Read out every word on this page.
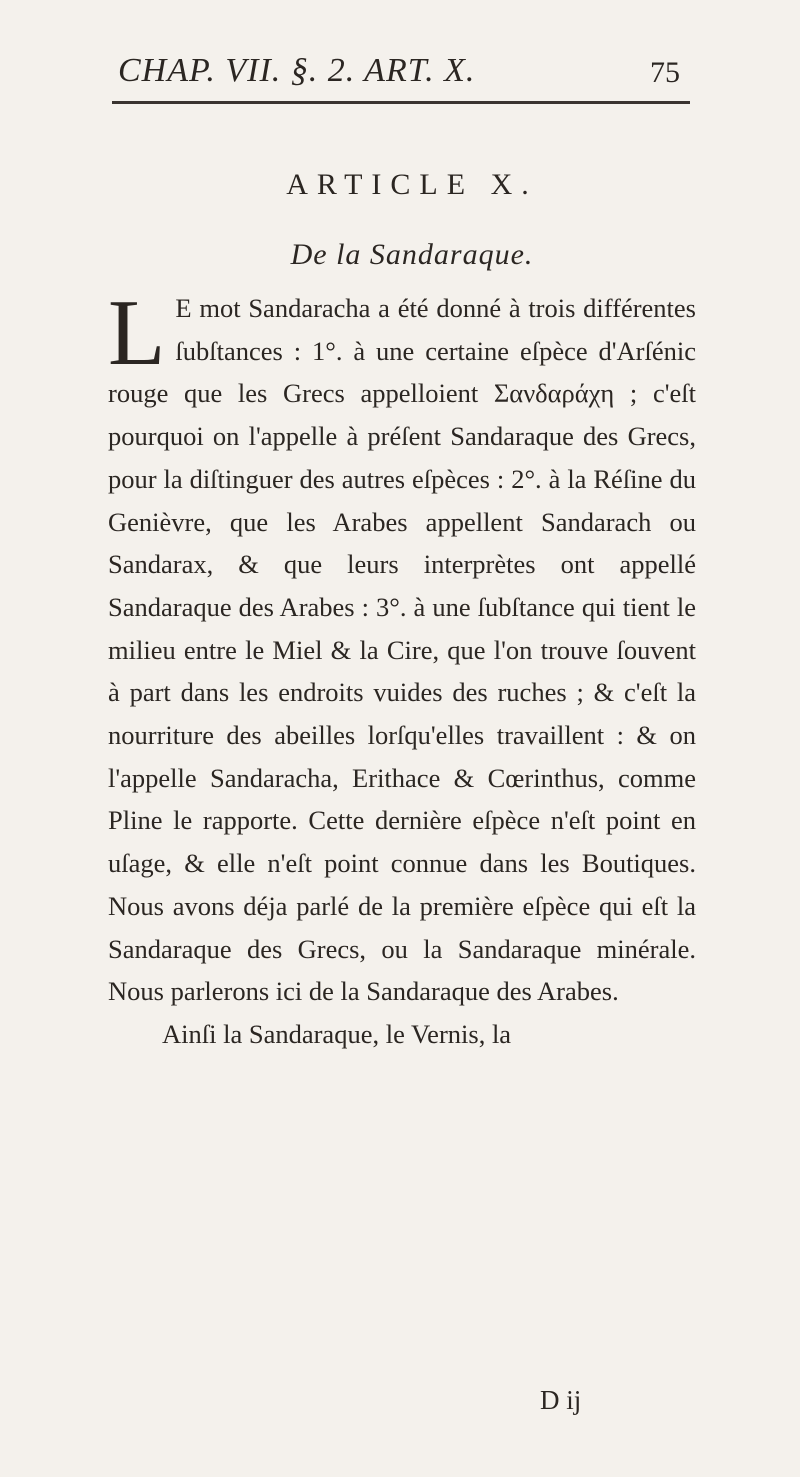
CHAP. VII. §. 2. ART. X.	75
ARTICLE X.
De la Sandaraque.

L E mot Sandaracha a été donné à trois différentes ſubſtances : 1°. à une certaine eſpèce d'Arſénic rouge que les Grecs appelloient Σανδαράχη ; c'eſt pourquoi on l'appelle à préſent Sandaraque des Grecs, pour la diſtinguer des autres eſpèces : 2°. à la Réſine du Genièvre, que les Arabes appellent Sandarach ou Sandarax, & que leurs interprètes ont appellé Sandaraque des Arabes : 3°. à une ſubſtance qui tient le milieu entre le Miel & la Cire, que l'on trouve ſouvent à part dans les endroits vuides des ruches ; & c'eſt la nourriture des abeilles lorſqu'elles travaillent : & on l'appelle Sandaracha, Erithace & Cœrinthus, comme Pline le rapporte. Cette dernière eſpèce n'eſt point en uſage, & elle n'eſt point connue dans les Boutiques. Nous avons déja parlé de la première eſpèce qui eſt la Sandaraque des Grecs, ou la Sandaraque minérale. Nous parlerons ici de la Sandaraque des Arabes.

Ainſi la Sandaraque, le Vernis, la

D ij
